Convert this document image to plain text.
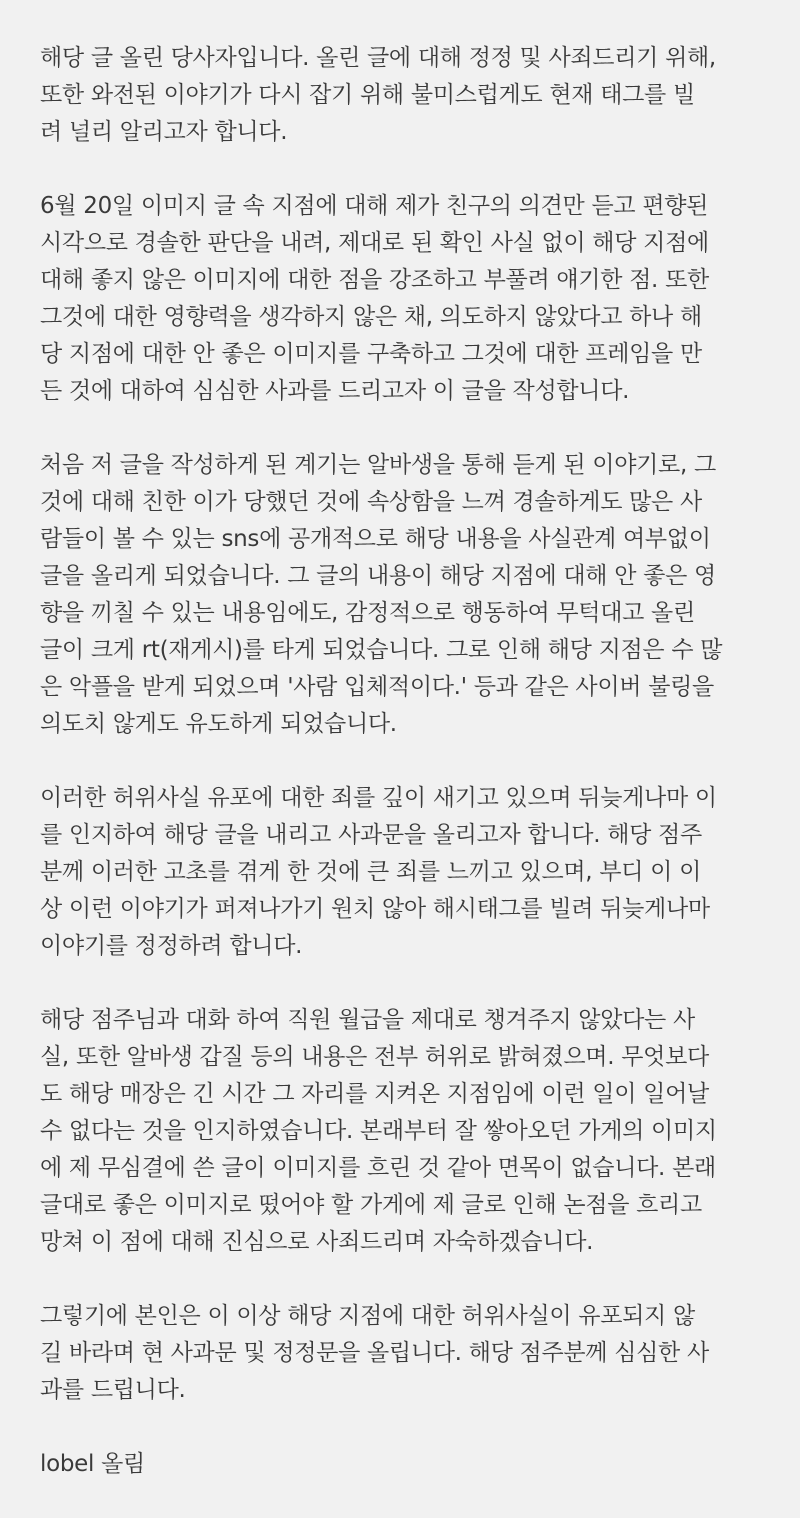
해당 글 올린 당사자입니다. 올린 글에 대해 정정 및 사죄드리기 위해,
또한 와전된 이야기가 다시 잡기 위해 불미스럽게도 현재 태그를 빌
려 널리 알리고자 합니다.
6월 20일 이미지 글 속 지점에 대해 제가 친구의 의견만 듣고 편향된
시각으로 경솔한 판단을 내려, 제대로 된 확인 사실 없이 해당 지점에
대해 좋지 않은 이미지에 대한 점을 강조하고 부풀려 얘기한 점. 또한
그것에 대한 영향력을 생각하지 않은 채, 의도하지 않았다고 하나 해
당 지점에 대한 안 좋은 이미지를 구축하고 그것에 대한 프레임을 만
든 것에 대하여 심심한 사과를 드리고자 이 글을 작성합니다.
처음 저 글을 작성하게 된 계기는 알바생을 통해 듣게 된 이야기로, 그
것에 대해 친한 이가 당했던 것에 속상함을 느껴 경솔하게도 많은 사
람들이 볼 수 있는 sns에 공개적으로 해당 내용을 사실관계 여부없이
글을 올리게 되었습니다. 그 글의 내용이 해당 지점에 대해 안 좋은 영
향을 끼칠 수 있는 내용임에도, 감정적으로 행동하여 무턱대고 올린
글이 크게 rt(재게시)를 타게 되었습니다. 그로 인해 해당 지점은 수 많
은 악플을 받게 되었으며 '사람 입체적이다.' 등과 같은 사이버 불링을
의도치 않게도 유도하게 되었습니다.
이러한 허위사실 유포에 대한 죄를 깊이 새기고 있으며 뒤늦게나마 이
를 인지하여 해당 글을 내리고 사과문을 올리고자 합니다. 해당 점주
분께 이러한 고초를 겪게 한 것에 큰 죄를 느끼고 있으며, 부디 이 이
상 이런 이야기가 퍼져나가기 원치 않아 해시태그를 빌려 뒤늦게나마
이야기를 정정하려 합니다.
해당 점주님과 대화 하여 직원 월급을 제대로 챙겨주지 않았다는 사
실, 또한 알바생 갑질 등의 내용은 전부 허위로 밝혀졌으며. 무엇보다
도 해당 매장은 긴 시간 그 자리를 지켜온 지점임에 이런 일이 일어날
수 없다는 것을 인지하였습니다. 본래부터 잘 쌓아오던 가게의 이미지
에 제 무심결에 쓴 글이 이미지를 흐린 것 같아 면목이 없습니다. 본래
글대로 좋은 이미지로 떴어야 할 가게에 제 글로 인해 논점을 흐리고
망쳐 이 점에 대해 진심으로 사죄드리며 자숙하겠습니다.
그렇기에 본인은 이 이상 해당 지점에 대한 허위사실이 유포되지 않
길 바라며 현 사과문 및 정정문을 올립니다. 해당 점주분께 심심한 사
과를 드립니다.
lobel 올림
